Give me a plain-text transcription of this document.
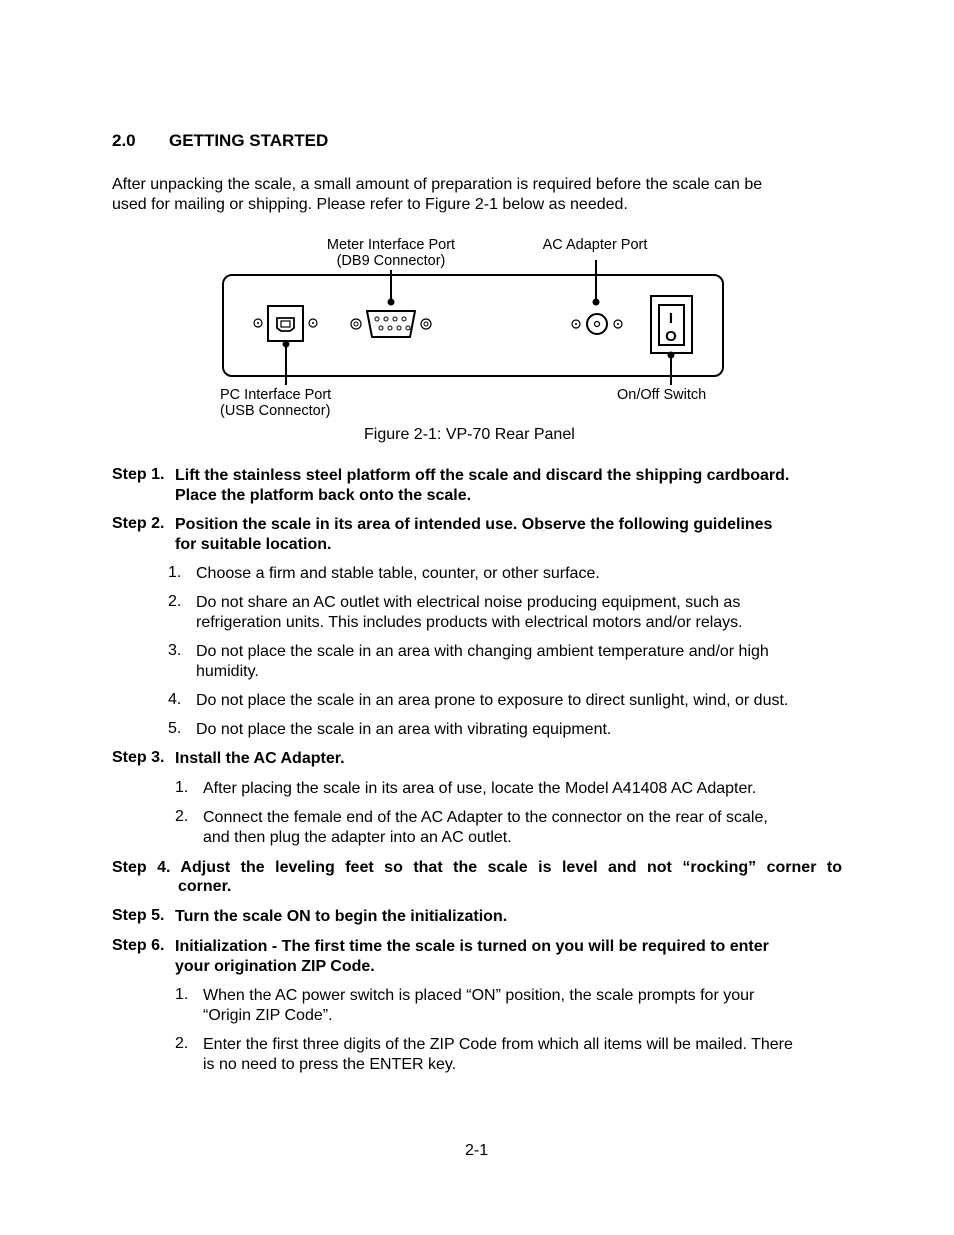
2.0 GETTING STARTED
After unpacking the scale, a small amount of preparation is required before the scale can be
used for mailing or shipping. Please refer to Figure 2-1 below as needed.
Meter Interface Port
(DB9 Connector)
AC Adapter Port
PC Interface Port
(USB Connector)
On/Off Switch
I
O
Figure 2-1: VP-70 Rear Panel
Step 1. Lift the stainless steel platform off the scale and discard the shipping cardboard.
Place the platform back onto the scale.
Step 2. Position the scale in its area of intended use. Observe the following guidelines
for suitable location.
1. Choose a firm and stable table, counter, or other surface.
2. Do not share an AC outlet with electrical noise producing equipment, such as
refrigeration units. This includes products with electrical motors and/or relays.
3. Do not place the scale in an area with changing ambient temperature and/or high
humidity.
4. Do not place the scale in an area prone to exposure to direct sunlight, wind, or dust.
5. Do not place the scale in an area with vibrating equipment.
Step 3. Install the AC Adapter.
1. After placing the scale in its area of use, locate the Model A41408 AC Adapter.
2. Connect the female end of the AC Adapter to the connector on the rear of scale,
and then plug the adapter into an AC outlet.
Step 4. Adjust the leveling feet so that the scale is level and not “rocking” corner to
corner.
Step 5. Turn the scale ON to begin the initialization.
Step 6. Initialization - The first time the scale is turned on you will be required to enter
your origination ZIP Code.
1. When the AC power switch is placed “ON” position, the scale prompts for your
“Origin ZIP Code”.
2. Enter the first three digits of the ZIP Code from which all items will be mailed. There
is no need to press the ENTER key.
2-1
